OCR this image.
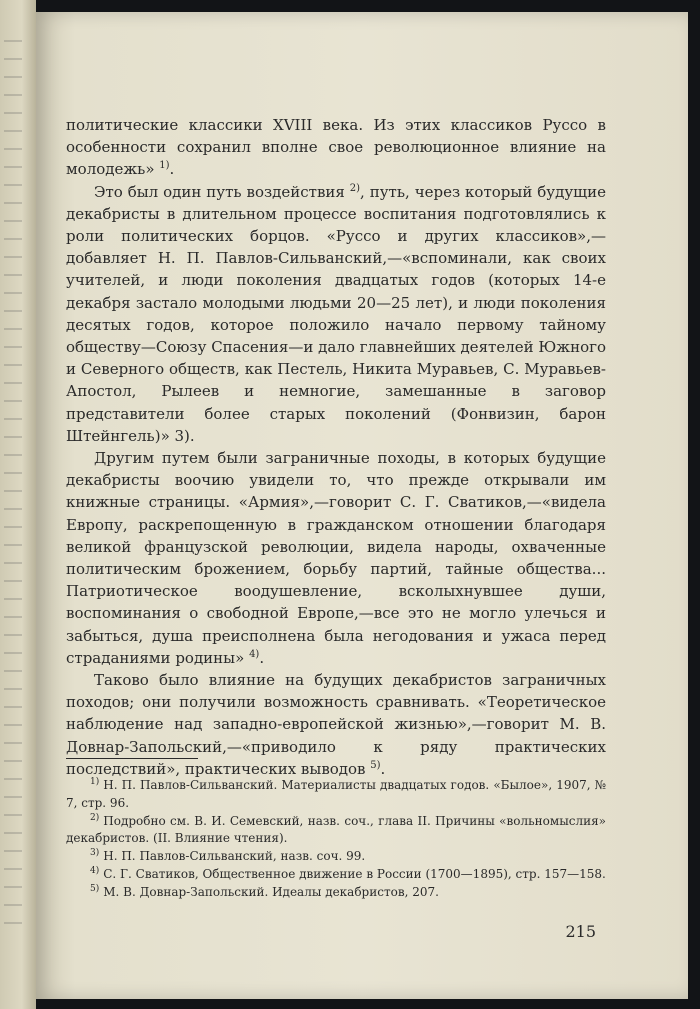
политические классики XVIII века. Из этих классиков Руссо в особенности сохранил вполне свое революционное влияние на молодежь» $^{1)}$.

Это был один путь воздействия $^{2)}$, путь, через который будущие декабристы в длительном процессе воспитания подготовлялись к роли политических борцов. «Руссо и других классиков»,—добавляет Н. П. Павлов-Сильванский,—«вспоминали, как своих учителей, и люди поколения двадцатых годов (которых 14-е декабря застало молодыми людьми 20—25 лет), и люди поколения десятых годов, которое положило начало первому тайному обществу—Союзу Спасения—и дало главнейших деятелей Южного и Северного обществ, как Пестель, Никита Муравьев, С. Муравьев-Апостол, Рылеев и немногие, замешанные в заговор представители более старых поколений (Фонвизин, барон Штейнгель)» 3).

Другим путем были заграничные походы, в которых будущие декабристы воочию увидели то, что прежде открывали им книжные страницы. «Армия»,—говорит С. Г. Сватиков,—«видела Европу, раскрепощенную в гражданском отношении благодаря великой французской революции, видела народы, охваченные политическим брожением, борьбу партий, тайные общества... Патриотическое воодушевление, всколыхнувшее души, воспоминания о свободной Европе,—все это не могло улечься и забыться, душа преисполнена была негодования и ужаса перед страданиями родины» $^{4)}$.

Таково было влияние на будущих декабристов заграничных походов; они получили возможность сравнивать. «Теоретическое наблюдение над западно-европейской жизнью»,—говорит М. В. Довнар-Запольский,—«приводило к ряду практических последствий», практических выводов $^{5)}$.

$^{1)}$ Н. П. Павлов-Сильванский. Материалисты двадцатых годов. «Былое», 1907, № 7, стр. 96.

$^{2)}$ Подробно см. В. И. Семевский, назв. соч., глава II. Причины «вольномыслия» декабристов. (II. Влияние чтения).

$^{3)}$ Н. П. Павлов-Сильванский, назв. соч. 99.

$^{4)}$ С. Г. Сватиков, Общественное движение в России (1700—1895), стр. 157—158.

$^{5)}$ М. В. Довнар-Запольский. Идеалы декабристов, 207.

215
